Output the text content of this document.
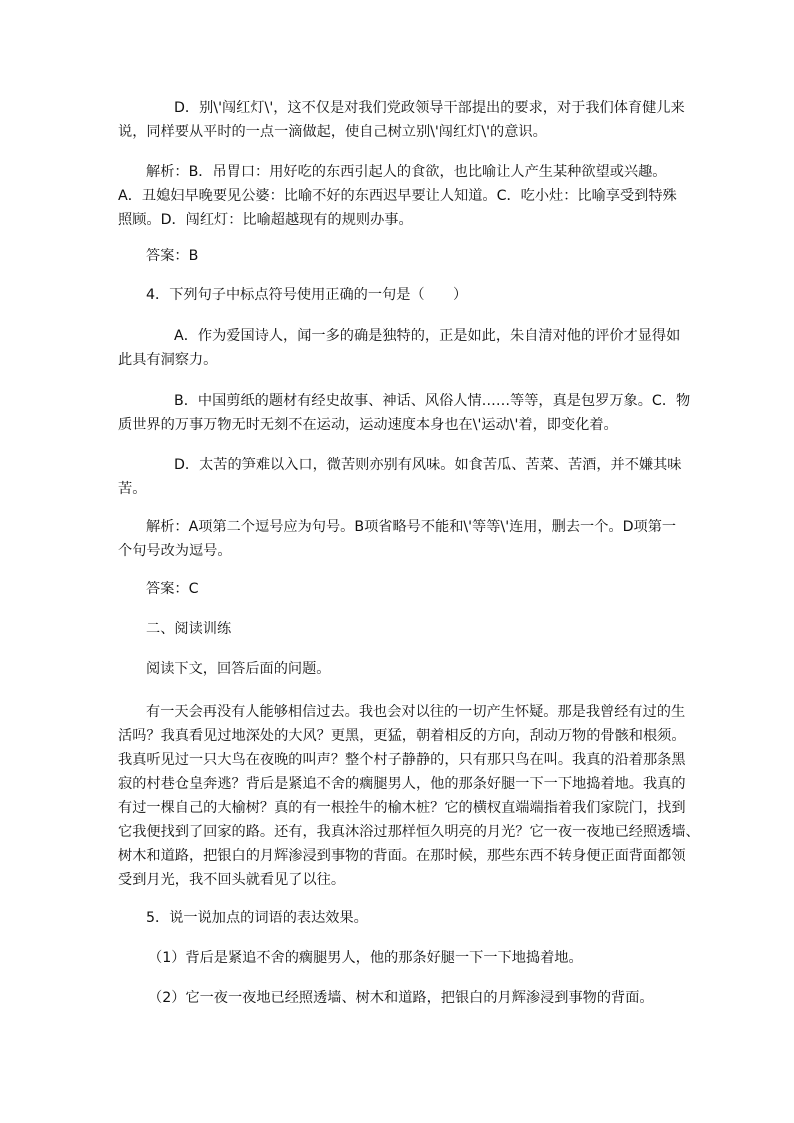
D．别\'闯红灯\'，这不仅是对我们党政领导干部提出的要求，对于我们体育健儿来

说，同样要从平时的一点一滴做起，使自己树立别\'闯红灯\'的意识。

解析：B．吊胃口：用好吃的东西引起人的食欲，也比喻让人产生某种欲望或兴趣。

A．丑媳妇早晚要见公婆：比喻不好的东西迟早要让人知道。C．吃小灶：比喻享受到特殊

照顾。D．闯红灯：比喻超越现有的规则办事。

答案：B

4．下列句子中标点符号使用正确的一句是（　　）

A．作为爱国诗人，闻一多的确是独特的，正是如此，朱自清对他的评价才显得如

此具有洞察力。

B．中国剪纸的题材有经史故事、神话、风俗人情……等等，真是包罗万象。C．物

质世界的万事万物无时无刻不在运动，运动速度本身也在\'运动\'着，即变化着。

D．太苦的笋难以入口，微苦则亦别有风味。如食苦瓜、苦菜、苦酒，并不嫌其味

苦。

解析：A项第二个逗号应为句号。B项省略号不能和\'等等\'连用，删去一个。D项第一

个句号改为逗号。

答案：C

二、阅读训练

阅读下文，回答后面的问题。

有一天会再没有人能够相信过去。我也会对以往的一切产生怀疑。那是我曾经有过的生

活吗？我真看见过地深处的大风？更黑，更猛，朝着相反的方向，刮动万物的骨骸和根须。

我真听见过一只大鸟在夜晚的叫声？整个村子静静的，只有那只鸟在叫。我真的沿着那条黑

寂的村巷仓皇奔逃？背后是紧追不舍的瘸腿男人，他的那条好腿一下一下地捣着地。我真的

有过一棵自己的大榆树？真的有一根拴牛的榆木桩？它的横杈直端端指着我们家院门，找到

它我便找到了回家的路。还有，我真沐浴过那样恒久明亮的月光？它一夜一夜地已经照透墙、

树木和道路，把银白的月辉渗浸到事物的背面。在那时候，那些东西不转身便正面背面都领

受到月光，我不回头就看见了以往。

5．说一说加点的词语的表达效果。

（1）背后是紧追不舍的瘸腿男人，他的那条好腿一下一下地捣着地。

（2）它一夜一夜地已经照透墙、树木和道路，把银白的月辉渗浸到事物的背面。
